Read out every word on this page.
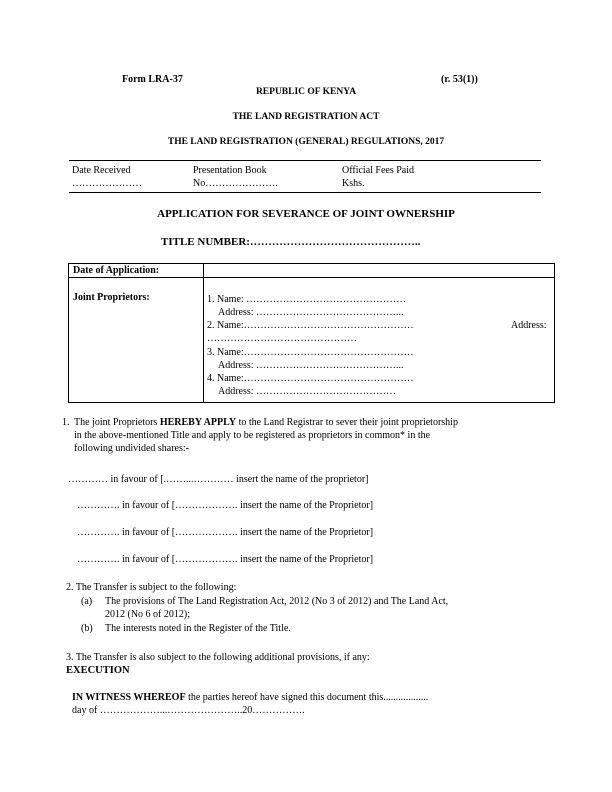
Form LRA-37	(r. 53(1))
REPUBLIC OF KENYA
THE LAND REGISTRATION ACT
THE LAND REGISTRATION (GENERAL) REGULATIONS, 2017
Date Received
…………………
Presentation Book
No………………….
Official Fees Paid
Kshs.
APPLICATION FOR SEVERANCE OF JOINT OWNERSHIP
TITLE NUMBER:………………………………………..
Date of Application:
Joint Proprietors:	1. Name: …………………………………………
Address: ……………………………………...
2. Name:……………………………………………	Address:
………………………………………
3. Name:……………………………………………
Address: ……………………………………...
4. Name:……………………………………………
Address: ……………………………………
1. The joint Proprietors HEREBY APPLY to the Land Registrar to sever their joint proprietorship
in the above-mentioned Title and apply to be registered as proprietors in common* in the
following undivided shares:-
………… in favour of [.……...………… insert the name of the proprietor]
…………. in favour of [………………. insert the name of the Proprietor]
…………. in favour of [………………. insert the name of the Proprietor]
…………. in favour of [………………. insert the name of the Proprietor]
2. The Transfer is subject to the following:
(a) The provisions of The Land Registration Act, 2012 (No 3 of 2012) and The Land Act,
2012 (No 6 of 2012);
(b) The interests noted in the Register of the Title.
3. The Transfer is also subject to the following additional provisions, if any:
EXECUTION
IN WITNESS WHEREOF the parties hereof have signed this document this..................
day of ………………...…………………..20…………….
